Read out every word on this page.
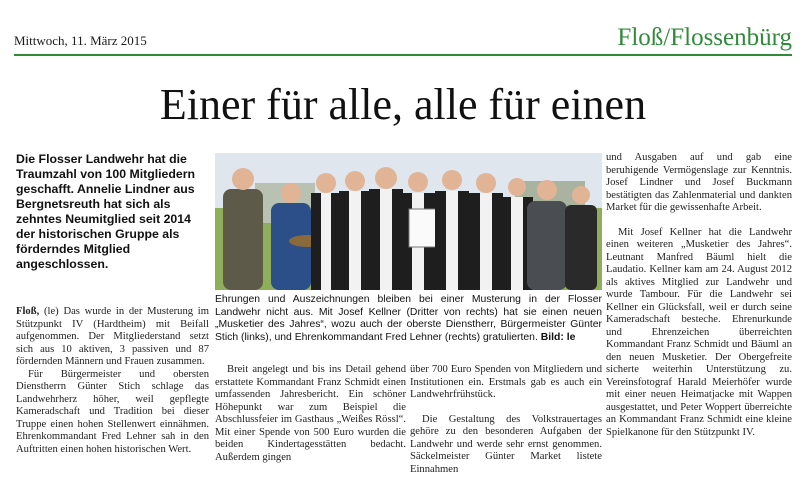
Mittwoch, 11. März 2015	Floß/Flossenbürg
Einer für alle, alle für einen
Die Flosser Landwehr hat die Traumzahl von 100 Mitgliedern geschafft. Annelie Lindner aus Bergnetsreuth hat sich als zehntes Neumitglied seit 2014 der historischen Gruppe als förderndes Mitglied angeschlossen.

Floß, (le) Das wurde in der Musterung im Stützpunkt IV (Hardtheim) mit Beifall aufgenommen. Der Mitgliederstand setzt sich aus 10 aktiven, 3 passiven und 87 fördernden Männern und Frauen zusammen.

Für Bürgermeister und obersten Dienstherrn Günter Stich schlage das Landwehrherz höher, weil gepflegte Kameradschaft und Tradition bei dieser Truppe einen hohen Stellenwert einnähmen. Ehrenkommandant Fred Lehner sah in den Auftritten einen hohen historischen Wert.

Ehrungen und Auszeichnungen bleiben bei einer Musterung in der Flosser Landwehr nicht aus. Mit Josef Kellner (Dritter von rechts) hat sie einen neuen „Musketier des Jahres“, wozu auch der oberste Dienstherr, Bürgermeister Günter Stich (links), und Ehrenkommandant Fred Lehner (rechts) gratulierten. Bild: le

Breit angelegt und bis ins Detail gehend erstattete Kommandant Franz Schmidt einen umfassenden Jahresbericht. Ein schöner Höhepunkt war zum Beispiel die Abschlussfeier im Gasthaus „Weißes Rössl“. Mit einer Spende von 500 Euro wurden die beiden Kindertagesstätten bedacht. Außerdem gingen

über 700 Euro Spenden von Mitgliedern und Institutionen ein. Erstmals gab es auch ein Landwehrfrühstück.

Die Gestaltung des Volkstrauertages gehöre zu den besonderen Aufgaben der Landwehr und werde sehr ernst genommen. Säckelmeister Günter Market listete Einnahmen

und Ausgaben auf und gab eine beruhigende Vermögenslage zur Kenntnis. Josef Lindner und Josef Buckmann bestätigten das Zahlenmaterial und dankten Market für die gewissenhafte Arbeit.

Mit Josef Kellner hat die Landwehr einen weiteren „Musketier des Jahres“. Leutnant Manfred Bäuml hielt die Laudatio. Kellner kam am 24. August 2012 als aktives Mitglied zur Landwehr und wurde Tambour. Für die Landwehr sei Kellner ein Glücksfall, weil er durch seine Kameradschaft besteche. Ehrenurkunde und Ehrenzeichen überreichten Kommandant Franz Schmidt und Bäuml an den neuen Musketier. Der Obergefreite sicherte weiterhin Unterstützung zu. Vereinsfotograf Harald Meierhöfer wurde mit einer neuen Heimatjacke mit Wappen ausgestattet, und Peter Woppert überreichte an Kommandant Franz Schmidt eine kleine Spielkanone für den Stützpunkt IV.
